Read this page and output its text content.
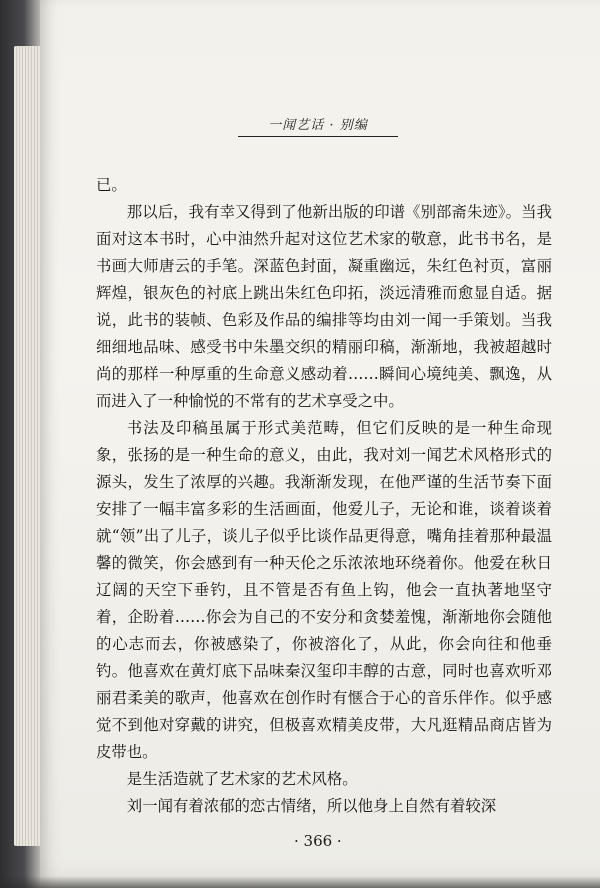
一闻艺话 · 别编

已。

那以后，我有幸又得到了他新出版的印谱《别部斋朱迹》。当我面对这本书时，心中油然升起对这位艺术家的敬意，此书书名，是书画大师唐云的手笔。深蓝色封面，凝重幽远，朱红色衬页，富丽辉煌，银灰色的衬底上跳出朱红色印拓，淡远清雅而愈显自适。据说，此书的装帧、色彩及作品的编排等均由刘一闻一手策划。当我细细地品味、感受书中朱墨交织的精丽印稿，渐渐地，我被超越时尚的那样一种厚重的生命意义感动着……瞬间心境纯美、飘逸，从而进入了一种愉悦的不常有的艺术享受之中。

书法及印稿虽属于形式美范畴，但它们反映的是一种生命现象，张扬的是一种生命的意义，由此，我对刘一闻艺术风格形式的源头，发生了浓厚的兴趣。我渐渐发现，在他严谨的生活节奏下面安排了一幅丰富多彩的生活画面，他爱儿子，无论和谁，谈着谈着就“领”出了儿子，谈儿子似乎比谈作品更得意，嘴角挂着那种最温馨的微笑，你会感到有一种天伦之乐浓浓地环绕着你。他爱在秋日辽阔的天空下垂钓，且不管是否有鱼上钩，他会一直执著地坚守着，企盼着……你会为自己的不安分和贪婪羞愧，渐渐地你会随他的心志而去，你被感染了，你被溶化了，从此，你会向往和他垂钓。他喜欢在黄灯底下品味秦汉玺印丰醇的古意，同时也喜欢听邓丽君柔美的歌声，他喜欢在创作时有惬合于心的音乐伴作。似乎感觉不到他对穿戴的讲究，但极喜欢精美皮带，大凡逛精品商店皆为皮带也。

是生活造就了艺术家的艺术风格。

刘一闻有着浓郁的恋古情绪，所以他身上自然有着较深

· 366 ·
